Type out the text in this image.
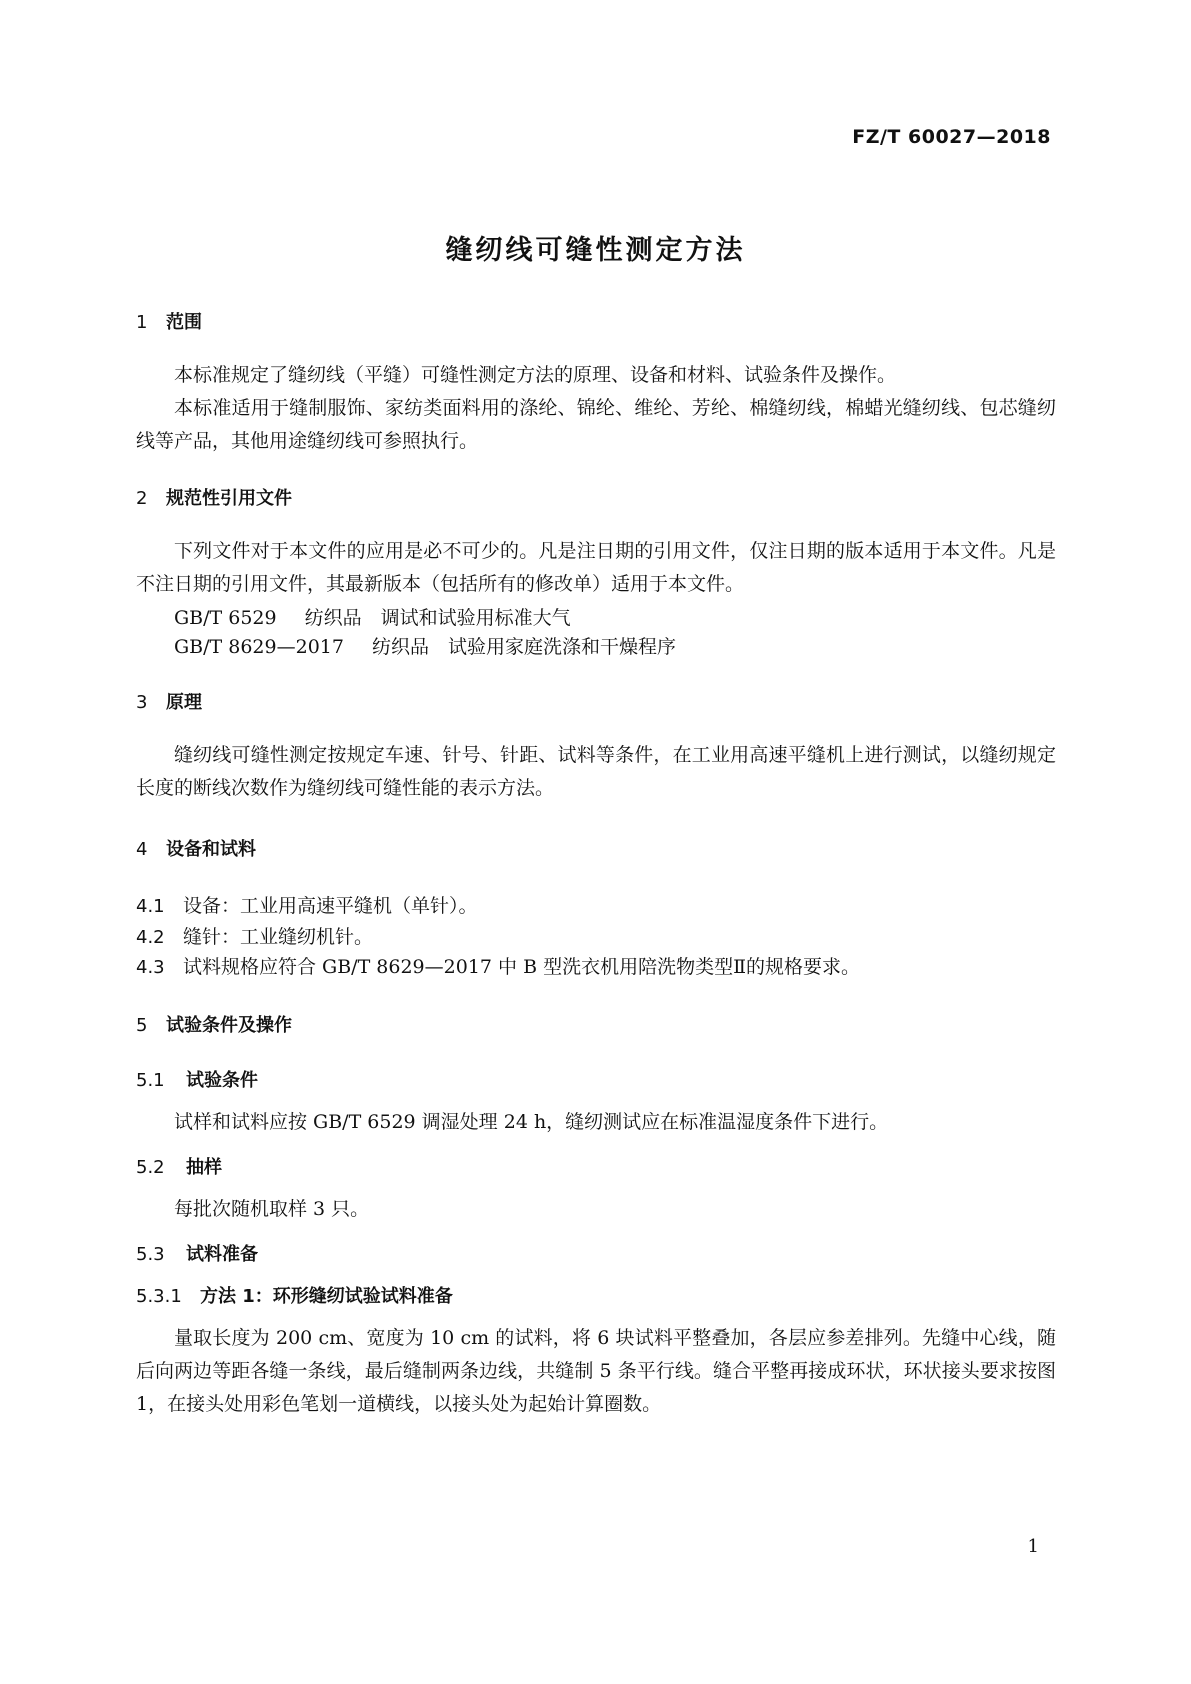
FZ/T 60027—2018
缝纫线可缝性测定方法
1 范围

本标准规定了缝纫线（平缝）可缝性测定方法的原理、设备和材料、试验条件及操作。

本标准适用于缝制服饰、家纺类面料用的涤纶、锦纶、维纶、芳纶、棉缝纫线，棉蜡光缝纫线、包芯缝纫线等产品，其他用途缝纫线可参照执行。

2 规范性引用文件

下列文件对于本文件的应用是必不可少的。凡是注日期的引用文件，仅注日期的版本适用于本文件。凡是不注日期的引用文件，其最新版本（包括所有的修改单）适用于本文件。

GB/T 6529 纺织品　调试和试验用标准大气
GB/T 8629—2017 纺织品　试验用家庭洗涤和干燥程序
3 原理

缝纫线可缝性测定按规定车速、针号、针距、试料等条件，在工业用高速平缝机上进行测试，以缝纫规定长度的断线次数作为缝纫线可缝性能的表示方法。

4 设备和试料
4.1 设备：工业用高速平缝机（单针）。
4.2 缝针：工业缝纫机针。
4.3 试料规格应符合 GB/T 8629—2017 中 B 型洗衣机用陪洗物类型Ⅱ的规格要求。
5 试验条件及操作
5.1 试验条件
试样和试料应按 GB/T 6529 调湿处理 24 h，缝纫测试应在标准温湿度条件下进行。
5.2 抽样
每批次随机取样 3 只。
5.3 试料准备
5.3.1 方法 1：环形缝纫试验试料准备

量取长度为 200 cm、宽度为 10 cm 的试料，将 6 块试料平整叠加，各层应参差排列。先缝中心线，随后向两边等距各缝一条线，最后缝制两条边线，共缝制 5 条平行线。缝合平整再接成环状，环状接头要求按图 1，在接头处用彩色笔划一道横线，以接头处为起始计算圈数。

1
